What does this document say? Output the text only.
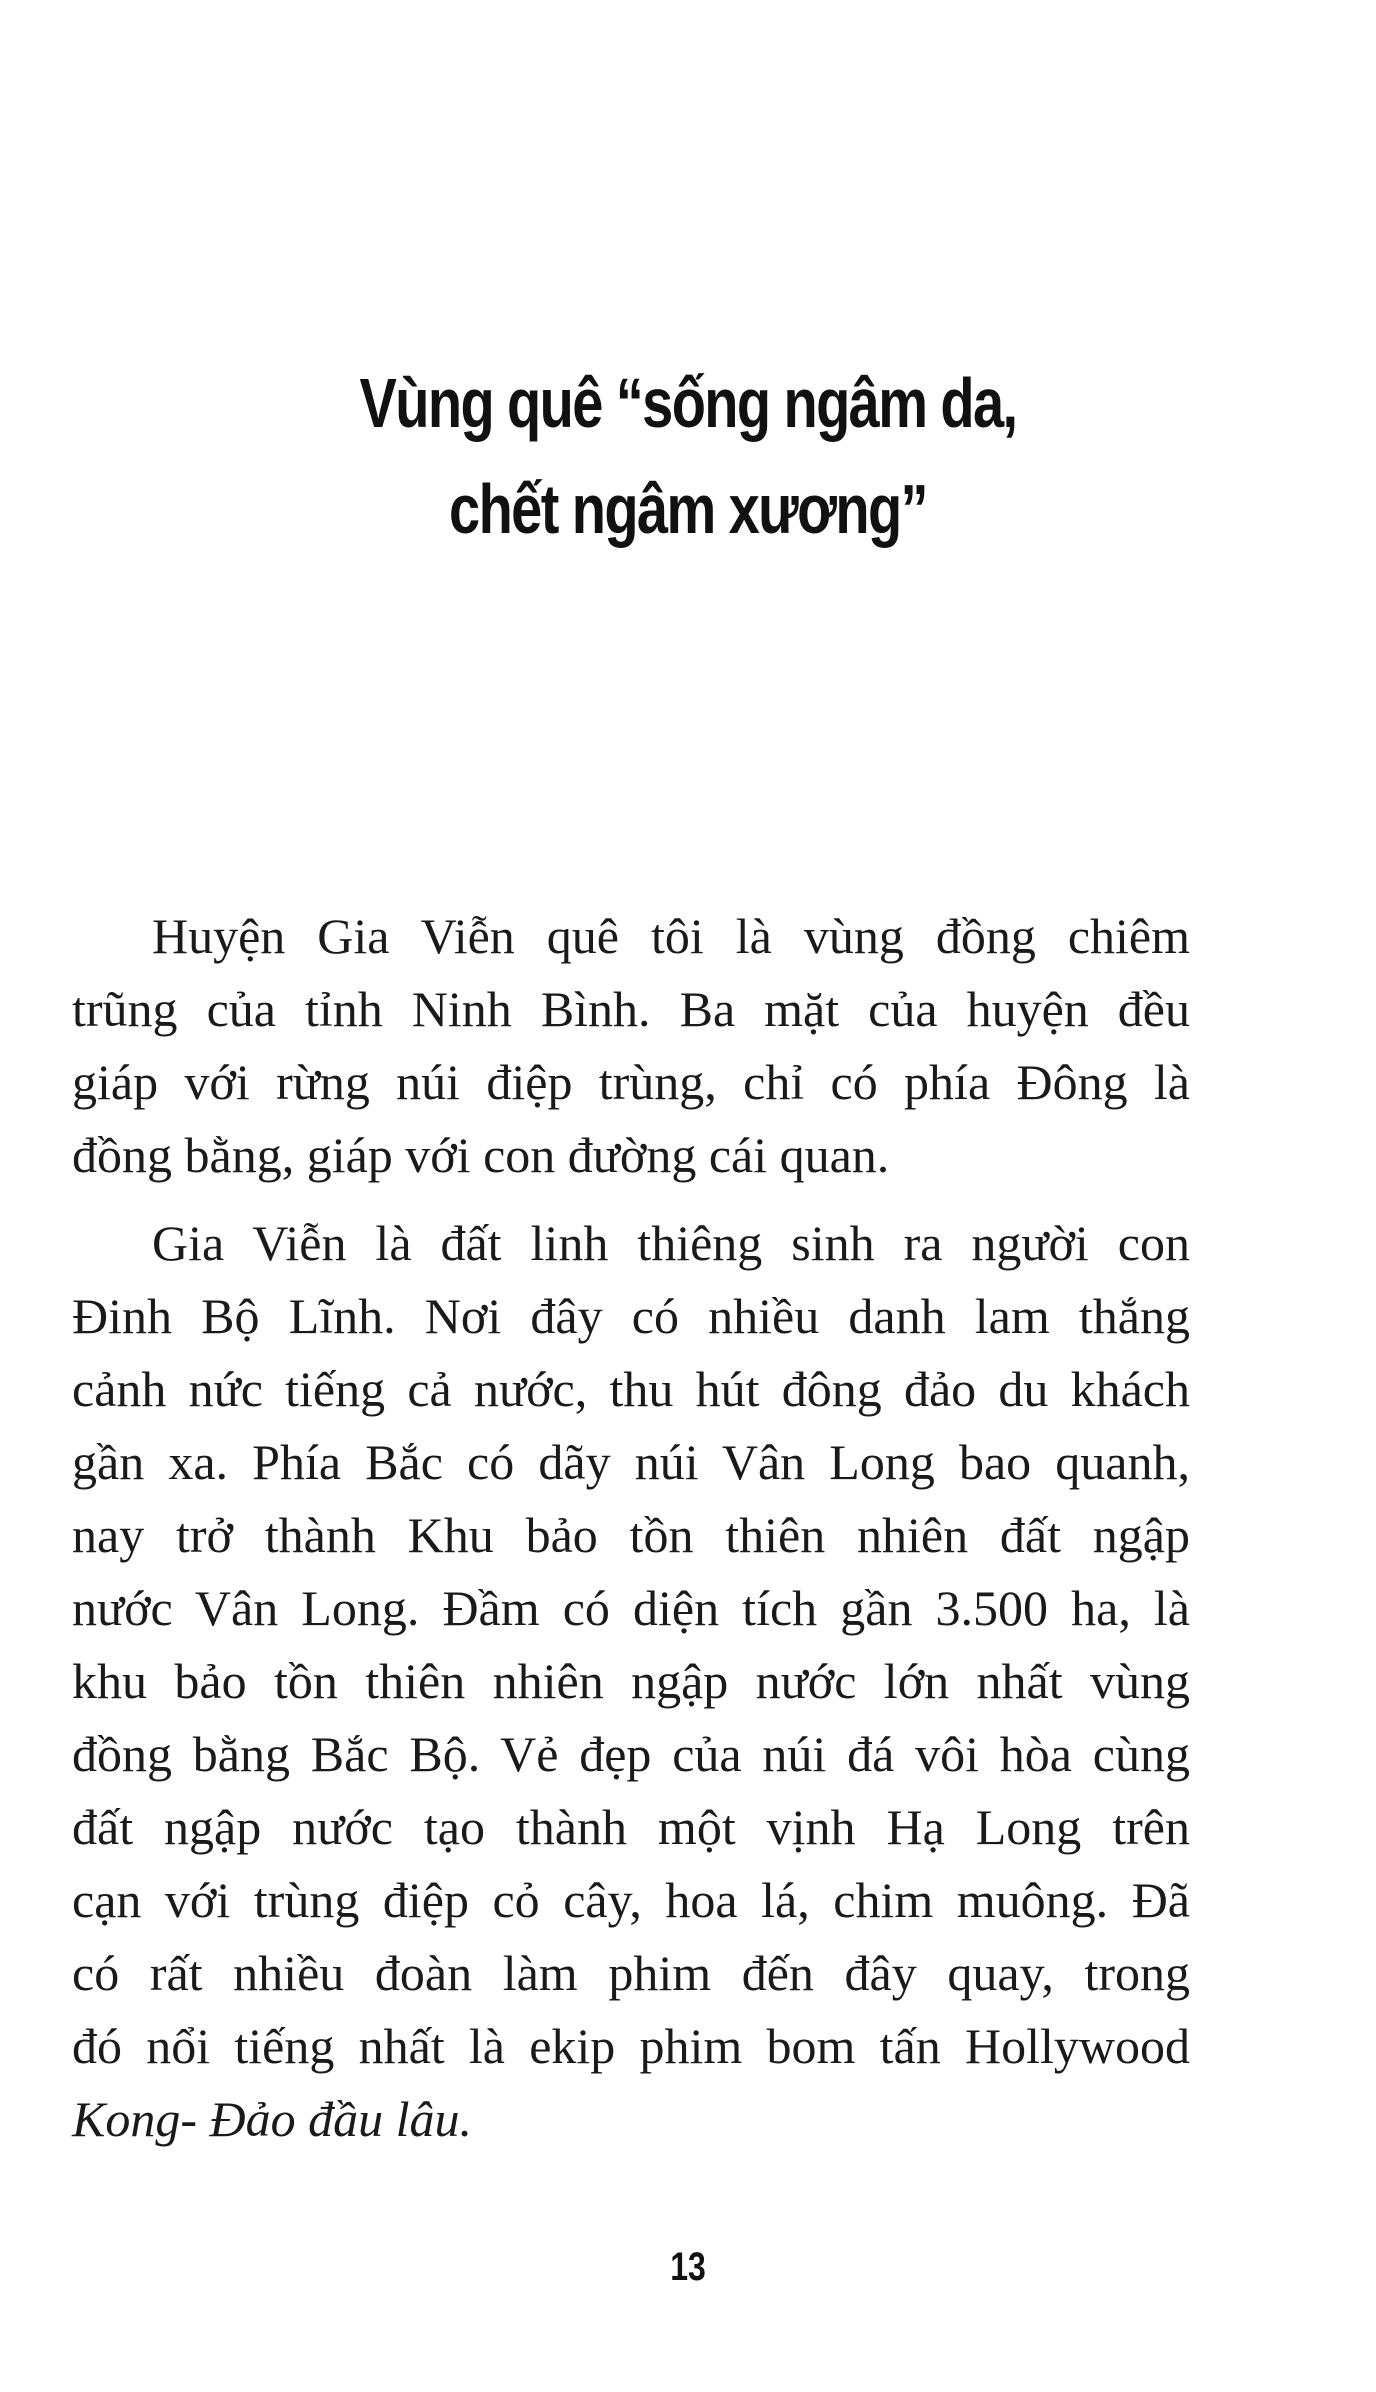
Vùng quê “sống ngâm da,
chết ngâm xương”
Huyện Gia Viễn quê tôi là vùng đồng chiêm
trũng của tỉnh Ninh Bình. Ba mặt của huyện đều
giáp với rừng núi điệp trùng, chỉ có phía Đông là
đồng bằng, giáp với con đường cái quan.
Gia Viễn là đất linh thiêng sinh ra người con
Đinh Bộ Lĩnh. Nơi đây có nhiều danh lam thắng
cảnh nức tiếng cả nước, thu hút đông đảo du khách
gần xa. Phía Bắc có dãy núi Vân Long bao quanh,
nay trở thành Khu bảo tồn thiên nhiên đất ngập
nước Vân Long. Đầm có diện tích gần 3.500 ha, là
khu bảo tồn thiên nhiên ngập nước lớn nhất vùng
đồng bằng Bắc Bộ. Vẻ đẹp của núi đá vôi hòa cùng
đất ngập nước tạo thành một vịnh Hạ Long trên
cạn với trùng điệp cỏ cây, hoa lá, chim muông. Đã
có rất nhiều đoàn làm phim đến đây quay, trong
đó nổi tiếng nhất là ekip phim bom tấn Hollywood
Kong- Đảo đầu lâu.
13
